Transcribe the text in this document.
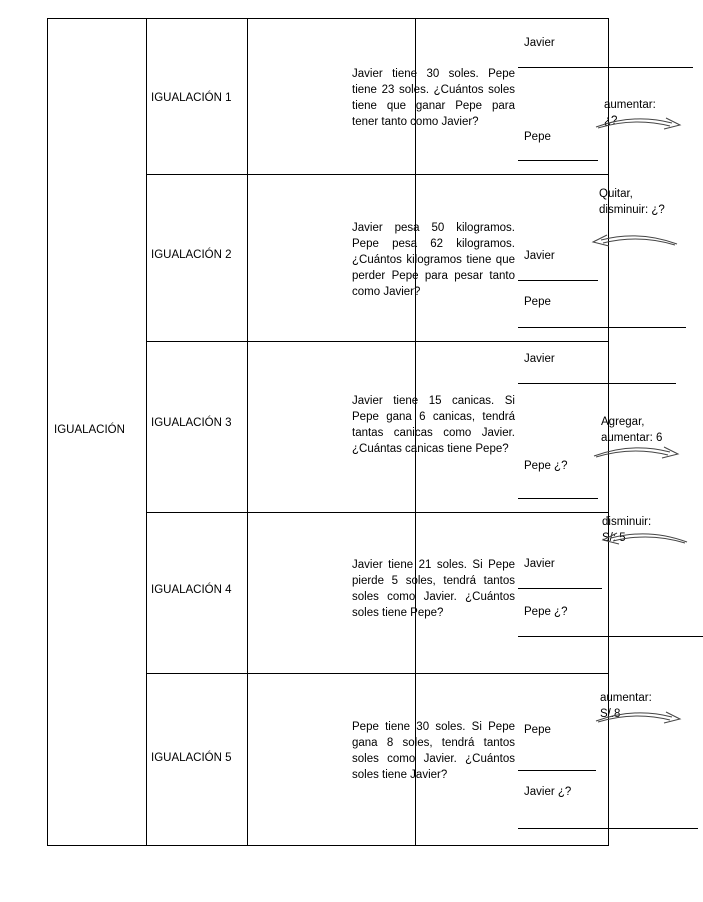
IGUALACIÓN
IGUALACIÓN 1
Javier tiene 30 soles. Pepe tiene 23 soles. ¿Cuántos soles tiene que ganar Pepe para tener tanto como Javier?
Javier
aumentar: ¿?
Pepe
IGUALACIÓN 2
Javier pesa 50 kilogramos. Pepe pesa 62 kilogramos. ¿Cuántos kilogramos tiene que perder Pepe para pesar tanto como Javier?
Quitar, disminuir: ¿?
Javier
Pepe
IGUALACIÓN 3
Javier tiene 15 canicas. Si Pepe gana 6 canicas, tendrá tantas canicas como Javier. ¿Cuántas canicas tiene Pepe?
Javier
Agregar, aumentar: 6
Pepe ¿?
IGUALACIÓN 4
Javier tiene 21 soles. Si Pepe pierde 5 soles, tendrá tantos soles como Javier. ¿Cuántos soles tiene Pepe?
disminuir: S/: 5
Javier
Pepe ¿?
IGUALACIÓN 5
Pepe tiene 30 soles. Si Pepe gana 8 soles, tendrá tantos soles como Javier. ¿Cuántos soles tiene Javier?
aumentar: S/.8
Pepe
Javier ¿?
